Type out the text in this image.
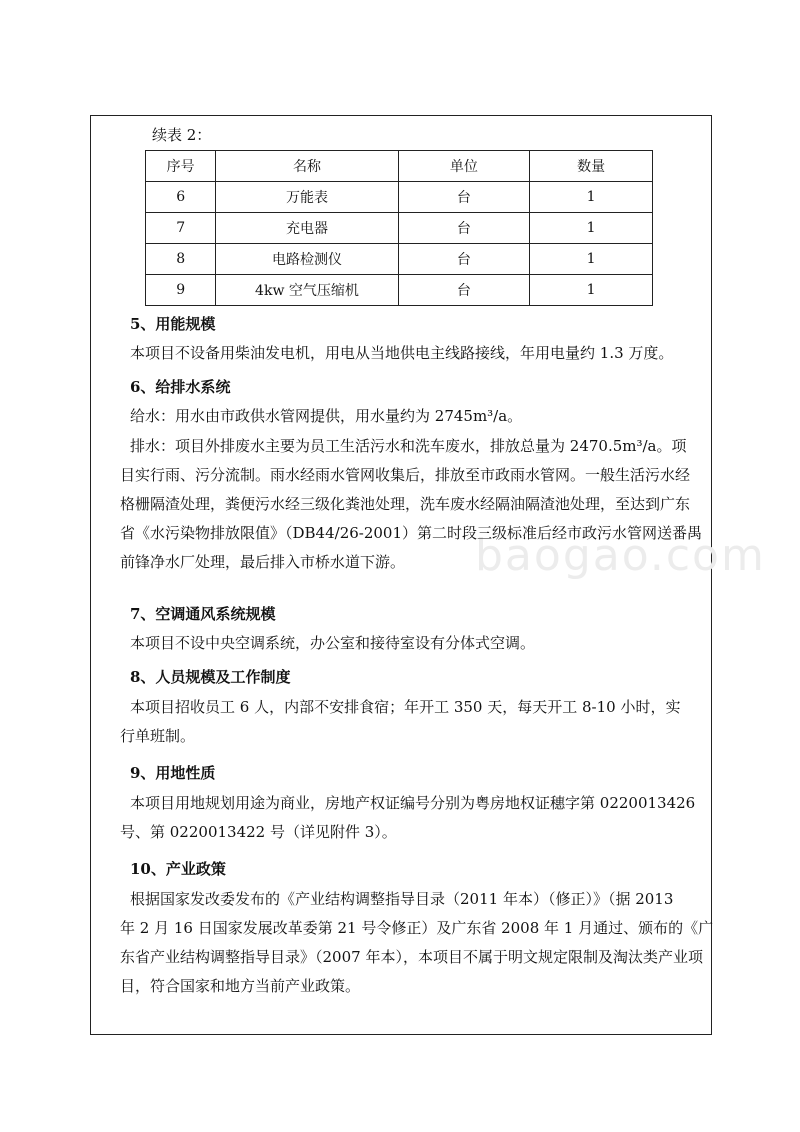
baogao.com
续表 2：
序号	名称	单位	数量
6	万能表	台	1
7	充电器	台	1
8	电路检测仪	台	1
9	4kw 空气压缩机	台	1
5、用能规模
本项目不设备用柴油发电机，用电从当地供电主线路接线，年用电量约 1.3 万度。
6、给排水系统
给水：用水由市政供水管网提供，用水量约为 2745m³/a。
排水：项目外排废水主要为员工生活污水和洗车废水，排放总量为 2470.5m³/a。项
目实行雨、污分流制。雨水经雨水管网收集后，排放至市政雨水管网。一般生活污水经
格栅隔渣处理，粪便污水经三级化粪池处理，洗车废水经隔油隔渣池处理，至达到广东
省《水污染物排放限值》（DB44/26-2001）第二时段三级标准后经市政污水管网送番禺
前锋净水厂处理，最后排入市桥水道下游。
7、空调通风系统规模
本项目不设中央空调系统，办公室和接待室设有分体式空调。
8、人员规模及工作制度
本项目招收员工 6 人，内部不安排食宿；年开工 350 天，每天开工 8-10 小时，实
行单班制。
9、用地性质
本项目用地规划用途为商业，房地产权证编号分别为粤房地权证穗字第 0220013426
号、第 0220013422 号（详见附件 3）。
10、产业政策
根据国家发改委发布的《产业结构调整指导目录（2011 年本）（修正）》（据 2013
年 2 月 16 日国家发展改革委第 21 号令修正）及广东省 2008 年 1 月通过、颁布的《广
东省产业结构调整指导目录》（2007 年本），本项目不属于明文规定限制及淘汰类产业项
目，符合国家和地方当前产业政策。
